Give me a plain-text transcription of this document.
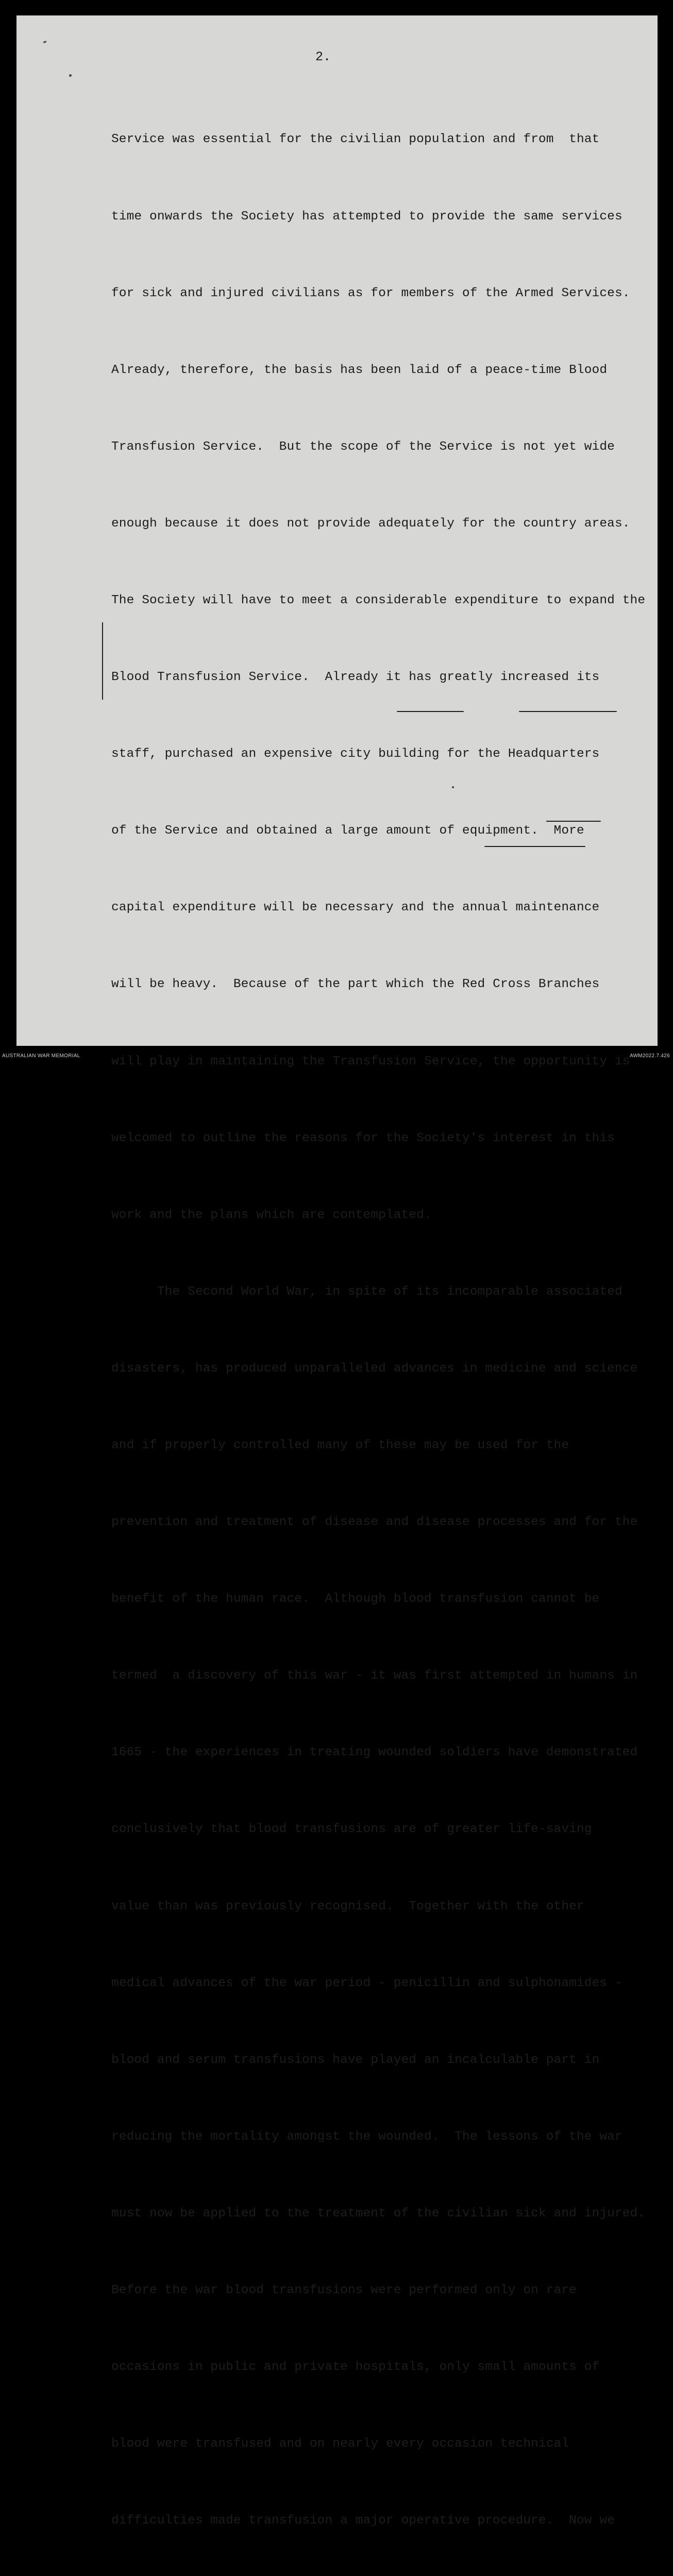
2.

Service was essential for the civilian population and from  that

time onwards the Society has attempted to provide the same services

for sick and injured civilians as for members of the Armed Services.

Already, therefore, the basis has been laid of a peace-time Blood

Transfusion Service.  But the scope of the Service is not yet wide

enough because it does not provide adequately for the country areas.

The Society will have to meet a considerable expenditure to expand the

Blood Transfusion Service.  Already it has greatly increased its

staff, purchased an expensive city building for the Headquarters

of the Service and obtained a large amount of equipment.  More

capital expenditure will be necessary and the annual maintenance

will be heavy.  Because of the part which the Red Cross Branches

will play in maintaining the Transfusion Service, the opportunity is

welcomed to outline the reasons for the Society's interest in this

work and the plans which are contemplated.

The Second World War, in spite of its incomparable associated

disasters, has produced unparalleled advances in medicine and science

and if properly controlled many of these may be used for the

prevention and treatment of disease and disease processes and for the

benefit of the human race.  Although blood transfusion cannot be

termed  a discovery of this war - it was first attempted in humans in

1665 - the experiences in treating wounded soldiers have demonstrated

conclusively that blood transfusions are of greater life-saving

value than was previously recognised.  Together with the other

medical advances of the war period - penicillin and sulphonamides -

blood and serum transfusions have played an incalculable part in

reducing the mortality amongst the wounded.  The lessons of the war

must now be applied to the treatment of the civilian sick and injured.

Before the war blood transfusions were performed only on rare

occasions in public and private hospitals, only small amounts of

blood were transfused and on nearly every occasion technical

difficulties made transfusion a major operative procedure.  Now we

AUSTRALIAN WAR MEMORIAL	AWM2022.7.426
